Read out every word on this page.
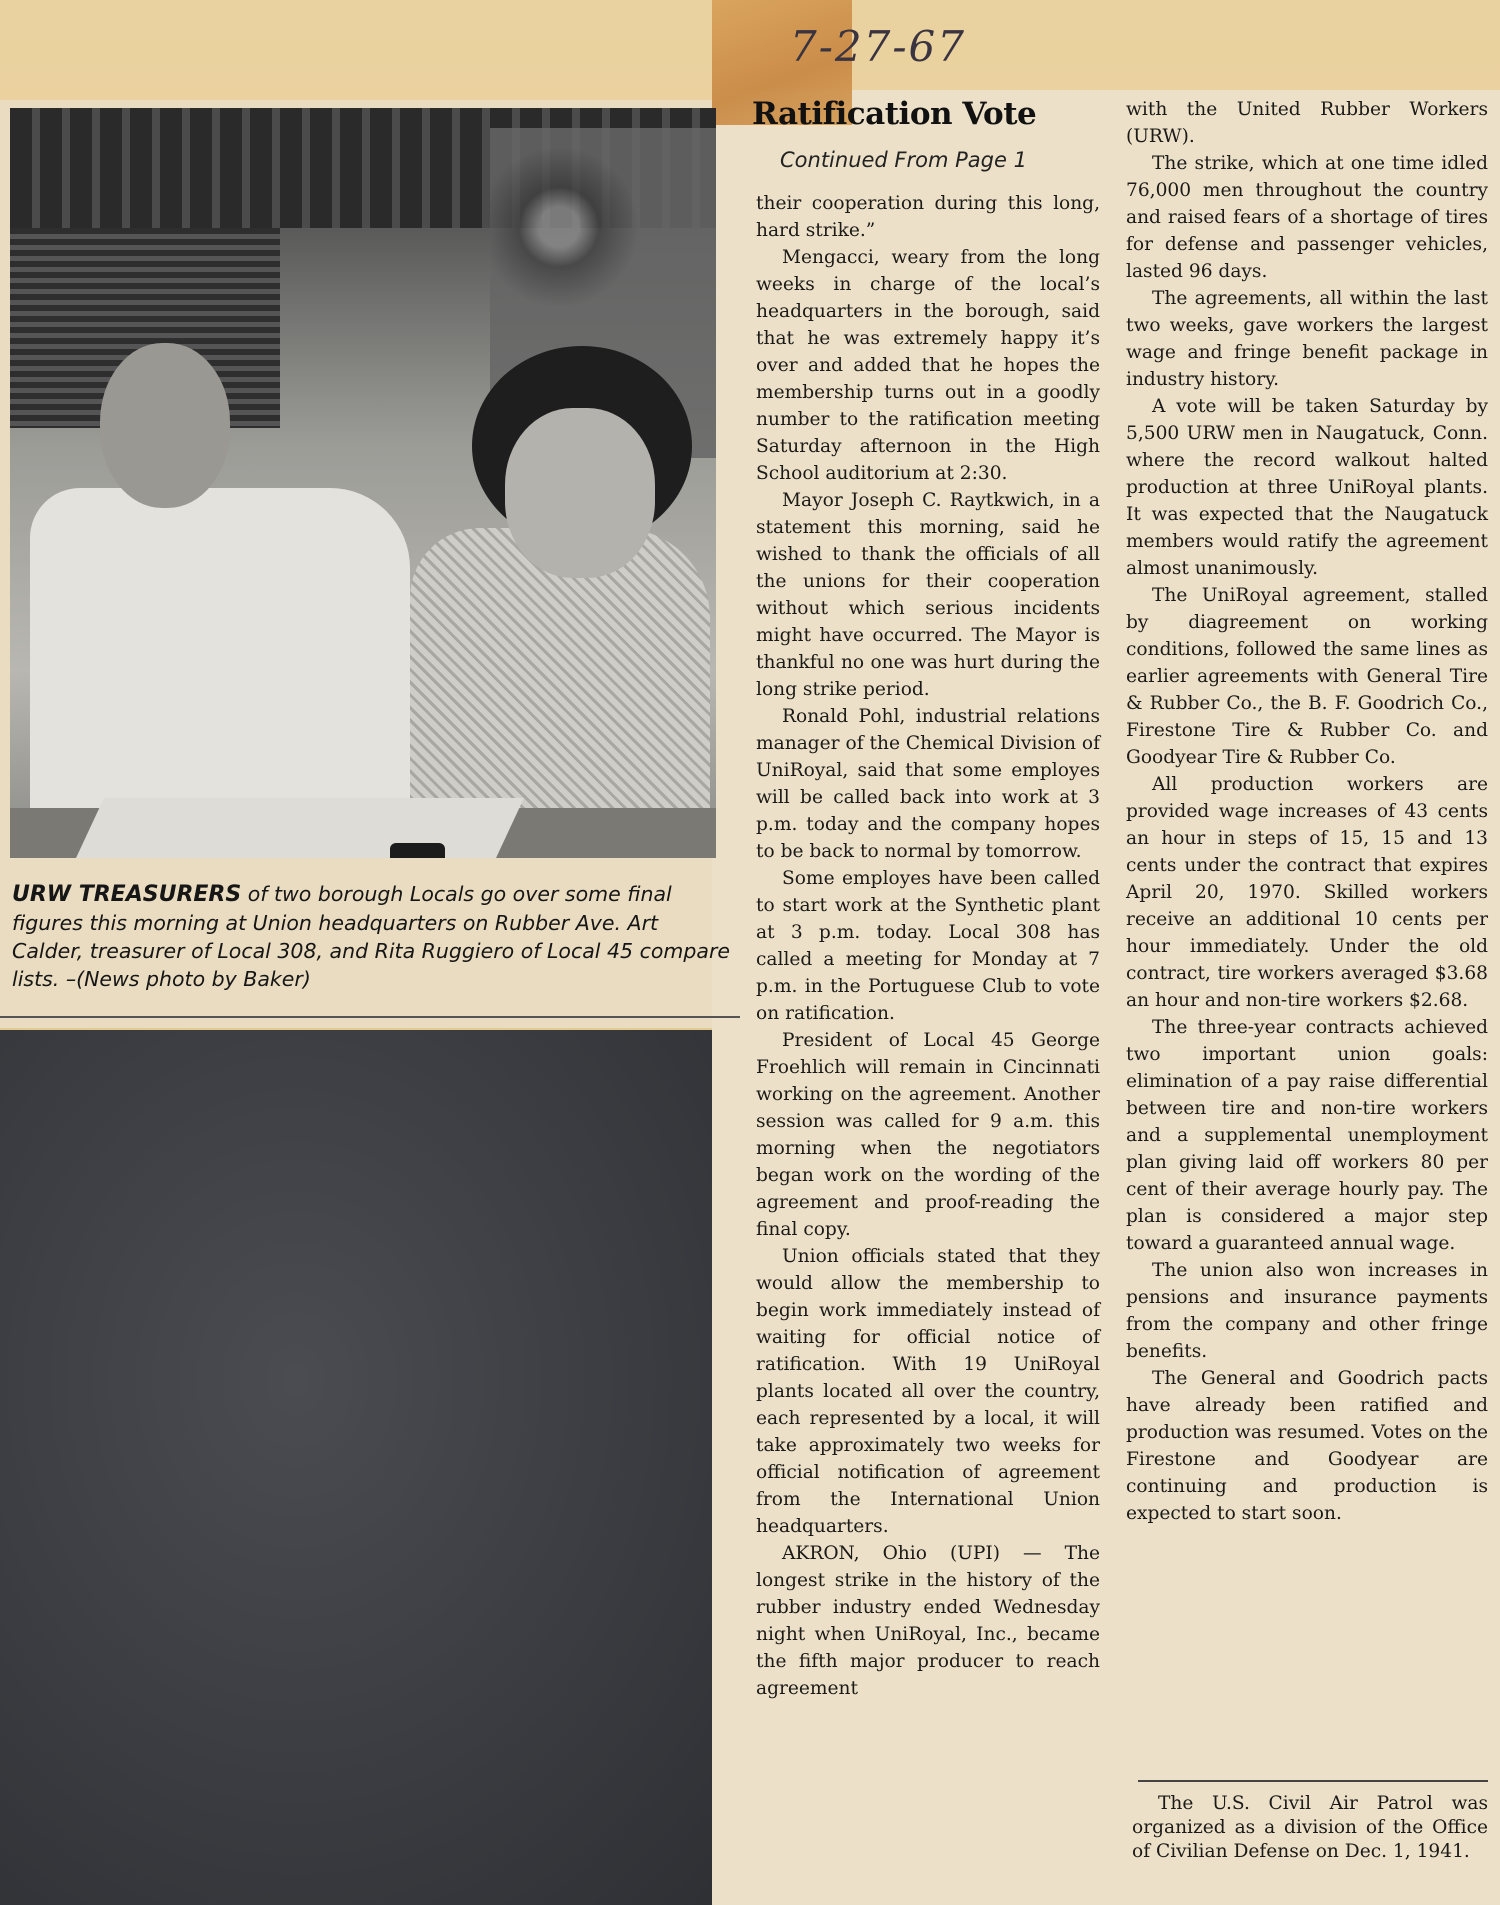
7-27-67
URW TREASURERS of two borough Locals go over some final figures this morning at Union headquarters on Rubber Ave. Art Calder, treasurer of Local 308, and Rita Ruggiero of Local 45 compare lists. –(News photo by Baker)
Ratification Vote
Continued From Page 1

their cooperation during this long, hard strike.”

Mengacci, weary from the long weeks in charge of the local’s headquarters in the borough, said that he was extremely happy it’s over and added that he hopes the membership turns out in a goodly number to the ratification meeting Saturday afternoon in the High School auditorium at 2:30.

Mayor Joseph C. Raytkwich, in a statement this morning, said he wished to thank the officials of all the unions for their cooperation without which serious incidents might have occurred. The Mayor is thankful no one was hurt during the long strike period.

Ronald Pohl, industrial relations manager of the Chemical Division of UniRoyal, said that some employes will be called back into work at 3 p.m. today and the company hopes to be back to normal by tomorrow.

Some employes have been called to start work at the Synthetic plant at 3 p.m. today. Local 308 has called a meeting for Monday at 7 p.m. in the Portuguese Club to vote on ratification.

President of Local 45 George Froehlich will remain in Cincinnati working on the agreement. Another session was called for 9 a.m. this morning when the negotiators began work on the wording of the agreement and proof-reading the final copy.

Union officials stated that they would allow the membership to begin work immediately instead of waiting for official notice of ratification. With 19 UniRoyal plants located all over the country, each represented by a local, it will take approximately two weeks for official notification of agreement from the International Union headquarters.

AKRON, Ohio (UPI) — The longest strike in the history of the rubber industry ended Wednesday night when UniRoyal, Inc., became the fifth major producer to reach agreement

with the United Rubber Workers (URW).

The strike, which at one time idled 76,000 men throughout the country and raised fears of a shortage of tires for defense and passenger vehicles, lasted 96 days.

The agreements, all within the last two weeks, gave workers the largest wage and fringe benefit package in industry history.

A vote will be taken Saturday by 5,500 URW men in Naugatuck, Conn. where the record walkout halted production at three UniRoyal plants. It was expected that the Naugatuck members would ratify the agreement almost unanimously.

The UniRoyal agreement, stalled by diagreement on working conditions, followed the same lines as earlier agreements with General Tire & Rubber Co., the B. F. Goodrich Co., Firestone Tire & Rubber Co. and Goodyear Tire & Rubber Co.

All production workers are provided wage increases of 43 cents an hour in steps of 15, 15 and 13 cents under the contract that expires April 20, 1970. Skilled workers receive an additional 10 cents per hour immediately. Under the old contract, tire workers averaged $3.68 an hour and non-tire workers $2.68.

The three-year contracts achieved two important union goals: elimination of a pay raise differential between tire and non-tire workers and a supplemental unemployment plan giving laid off workers 80 per cent of their average hourly pay. The plan is considered a major step toward a guaranteed annual wage.

The union also won increases in pensions and insurance payments from the company and other fringe benefits.

The General and Goodrich pacts have already been ratified and production was resumed. Votes on the Firestone and Goodyear are continuing and production is expected to start soon.

The U.S. Civil Air Patrol was organized as a division of the Office of Civilian Defense on Dec. 1, 1941.
